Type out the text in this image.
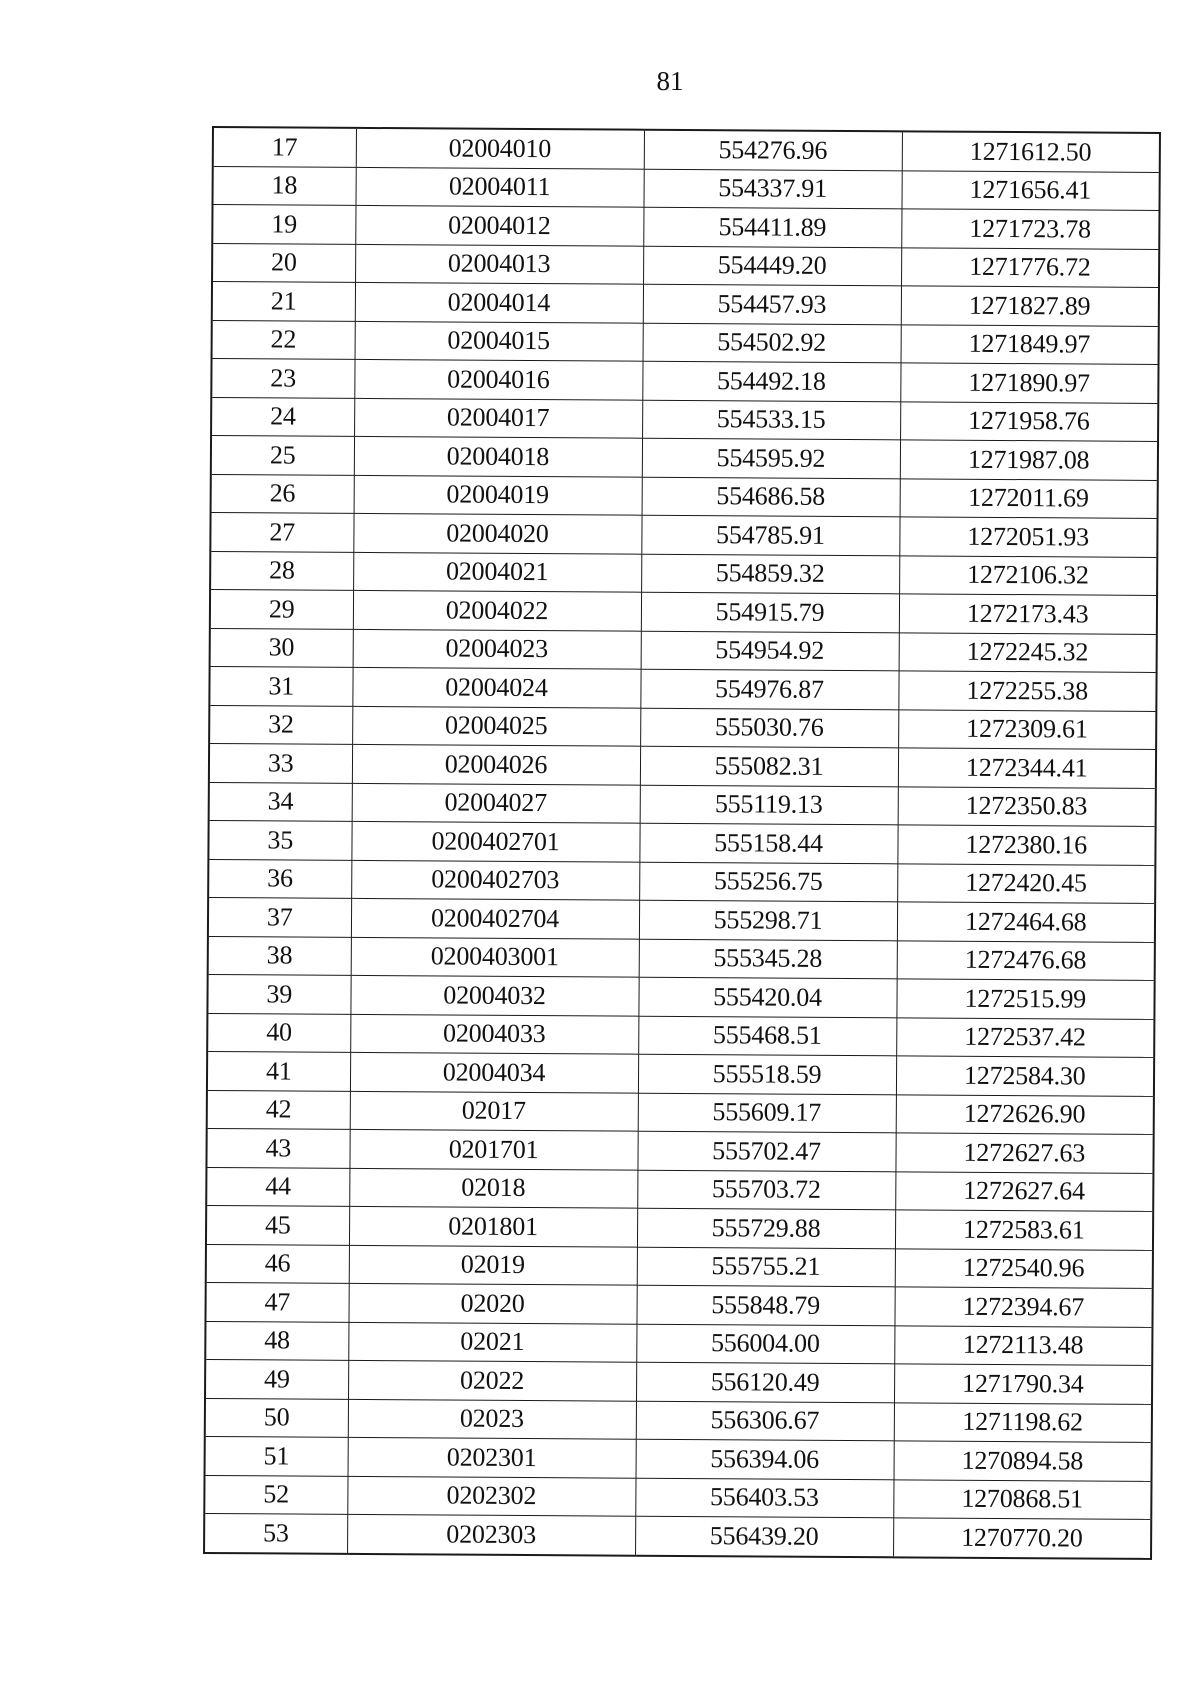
81
17	02004010	554276.96	1271612.50
18	02004011	554337.91	1271656.41
19	02004012	554411.89	1271723.78
20	02004013	554449.20	1271776.72
21	02004014	554457.93	1271827.89
22	02004015	554502.92	1271849.97
23	02004016	554492.18	1271890.97
24	02004017	554533.15	1271958.76
25	02004018	554595.92	1271987.08
26	02004019	554686.58	1272011.69
27	02004020	554785.91	1272051.93
28	02004021	554859.32	1272106.32
29	02004022	554915.79	1272173.43
30	02004023	554954.92	1272245.32
31	02004024	554976.87	1272255.38
32	02004025	555030.76	1272309.61
33	02004026	555082.31	1272344.41
34	02004027	555119.13	1272350.83
35	0200402701	555158.44	1272380.16
36	0200402703	555256.75	1272420.45
37	0200402704	555298.71	1272464.68
38	0200403001	555345.28	1272476.68
39	02004032	555420.04	1272515.99
40	02004033	555468.51	1272537.42
41	02004034	555518.59	1272584.30
42	02017	555609.17	1272626.90
43	0201701	555702.47	1272627.63
44	02018	555703.72	1272627.64
45	0201801	555729.88	1272583.61
46	02019	555755.21	1272540.96
47	02020	555848.79	1272394.67
48	02021	556004.00	1272113.48
49	02022	556120.49	1271790.34
50	02023	556306.67	1271198.62
51	0202301	556394.06	1270894.58
52	0202302	556403.53	1270868.51
53	0202303	556439.20	1270770.20
